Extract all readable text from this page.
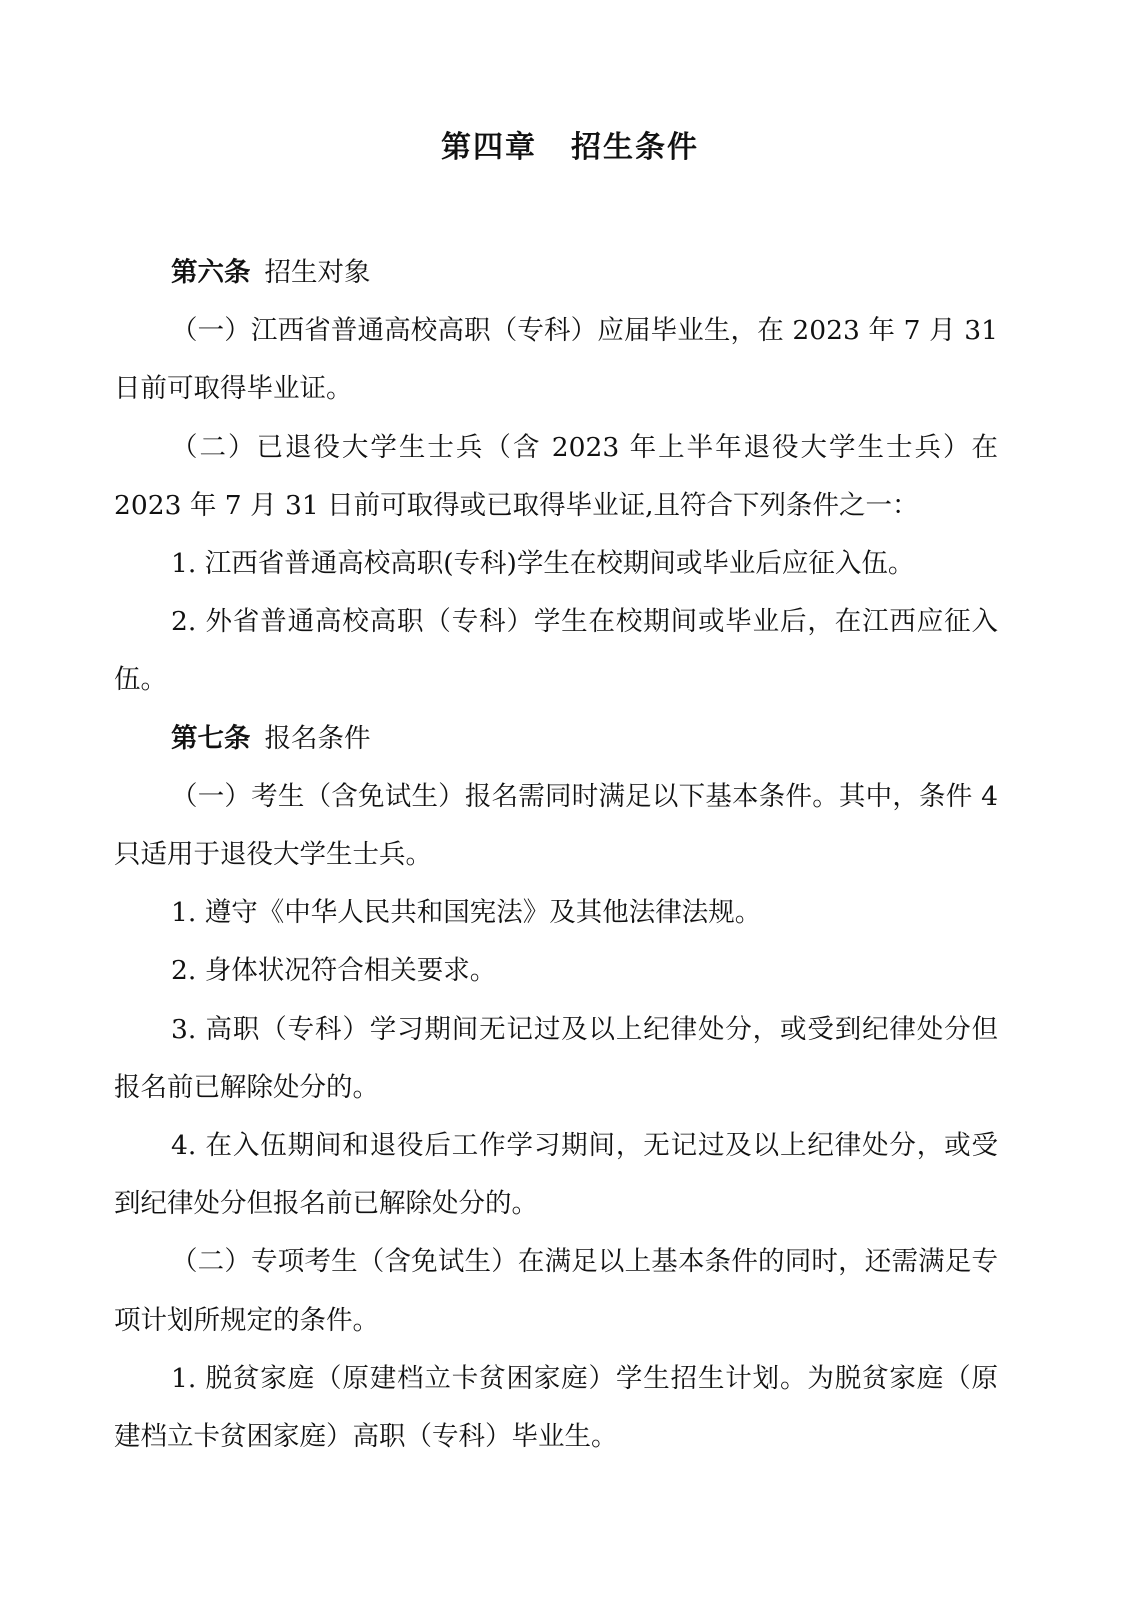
第四章 招生条件

第六条 招生对象

（一）江西省普通高校高职（专科）应届毕业生，在 2023 年 7 月 31 日前可取得毕业证。

（二）已退役大学生士兵（含 2023 年上半年退役大学生士兵）在 2023 年 7 月 31 日前可取得或已取得毕业证,且符合下列条件之一：

1. 江西省普通高校高职(专科)学生在校期间或毕业后应征入伍。

2. 外省普通高校高职（专科）学生在校期间或毕业后，在江西应征入伍。

第七条 报名条件

（一）考生（含免试生）报名需同时满足以下基本条件。其中，条件 4 只适用于退役大学生士兵。

1. 遵守《中华人民共和国宪法》及其他法律法规。

2. 身体状况符合相关要求。

3. 高职（专科）学习期间无记过及以上纪律处分，或受到纪律处分但报名前已解除处分的。

4. 在入伍期间和退役后工作学习期间，无记过及以上纪律处分，或受到纪律处分但报名前已解除处分的。

（二）专项考生（含免试生）在满足以上基本条件的同时，还需满足专项计划所规定的条件。

1. 脱贫家庭（原建档立卡贫困家庭）学生招生计划。为脱贫家庭（原建档立卡贫困家庭）高职（专科）毕业生。
